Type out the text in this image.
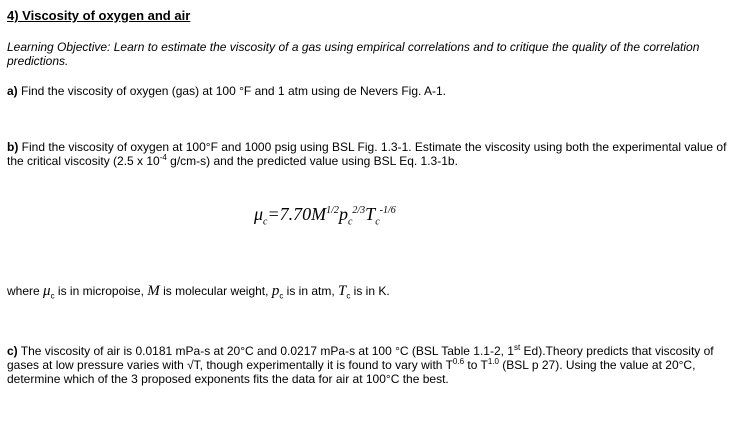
4) Viscosity of oxygen and air
Learning Objective: Learn to estimate the viscosity of a gas using empirical correlations and to critique the quality of the correlation predictions.
a) Find the viscosity of oxygen (gas) at 100 °F and 1 atm using de Nevers Fig. A-1.
b) Find the viscosity of oxygen at 100°F and 1000 psig using BSL Fig. 1.3-1. Estimate the viscosity using both the experimental value of the critical viscosity (2.5 x $10^{-4}$ g/cm-s) and the predicted value using BSL Eq. 1.3-1b.
$\mu_c=7.70M^{1/2}p_c^{2/3}T_c^{-1/6}$
where $\mu_c$ is in micropoise, M is molecular weight, $p_c$ is in atm, $T_c$ is in K.
c) The viscosity of air is 0.0181 mPa-s at 20°C and 0.0217 mPa-s at 100 °C (BSL Table 1.1-2, 1st Ed).Theory predicts that viscosity of gases at low pressure varies with √T, though experimentally it is found to vary with $T^{0.6}$ to $T^{1.0}$ (BSL p 27). Using the value at 20°C, determine which of the 3 proposed exponents fits the data for air at 100°C the best.
